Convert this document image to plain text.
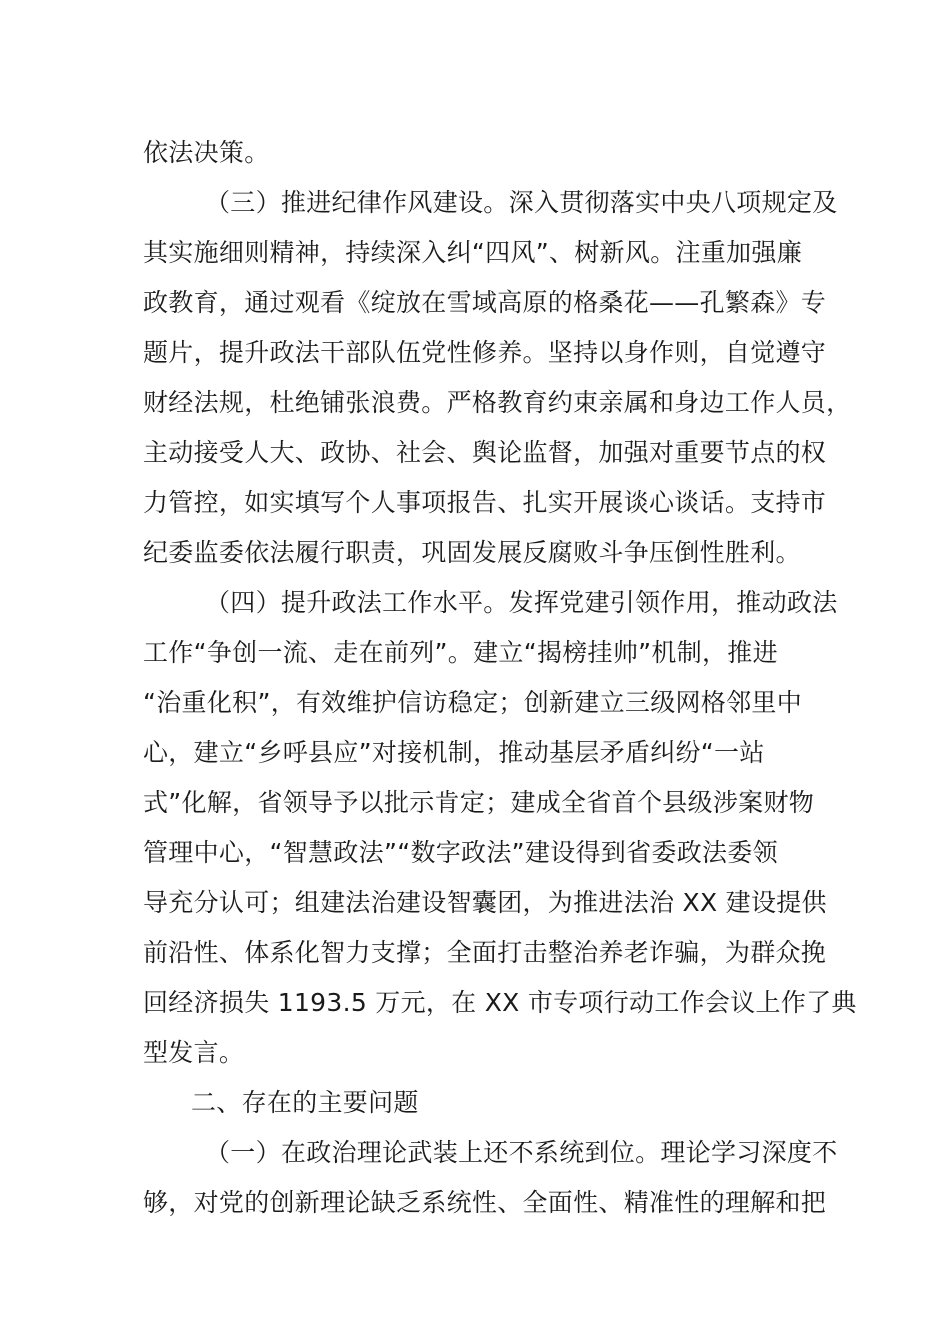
依法决策。
（三）推进纪律作风建设。深入贯彻落实中央八项规定及
其实施细则精神，持续深入纠“四风”、树新风。注重加强廉
政教育，通过观看《绽放在雪域高原的格桑花——孔繁森》专
题片，提升政法干部队伍党性修养。坚持以身作则，自觉遵守
财经法规，杜绝铺张浪费。严格教育约束亲属和身边工作人员，
主动接受人大、政协、社会、舆论监督，加强对重要节点的权
力管控，如实填写个人事项报告、扎实开展谈心谈话。支持市
纪委监委依法履行职责，巩固发展反腐败斗争压倒性胜利。
（四）提升政法工作水平。发挥党建引领作用，推动政法
工作“争创一流、走在前列”。建立“揭榜挂帅”机制，推进
“治重化积”，有效维护信访稳定；创新建立三级网格邻里中
心，建立“乡呼县应”对接机制，推动基层矛盾纠纷“一站
式”化解，省领导予以批示肯定；建成全省首个县级涉案财物
管理中心，“智慧政法”“数字政法”建设得到省委政法委领
导充分认可；组建法治建设智囊团，为推进法治 XX 建设提供
前沿性、体系化智力支撑；全面打击整治养老诈骗，为群众挽
回经济损失 1193.5 万元，在 XX 市专项行动工作会议上作了典
型发言。
二、存在的主要问题
（一）在政治理论武装上还不系统到位。理论学习深度不
够，对党的创新理论缺乏系统性、全面性、精准性的理解和把
